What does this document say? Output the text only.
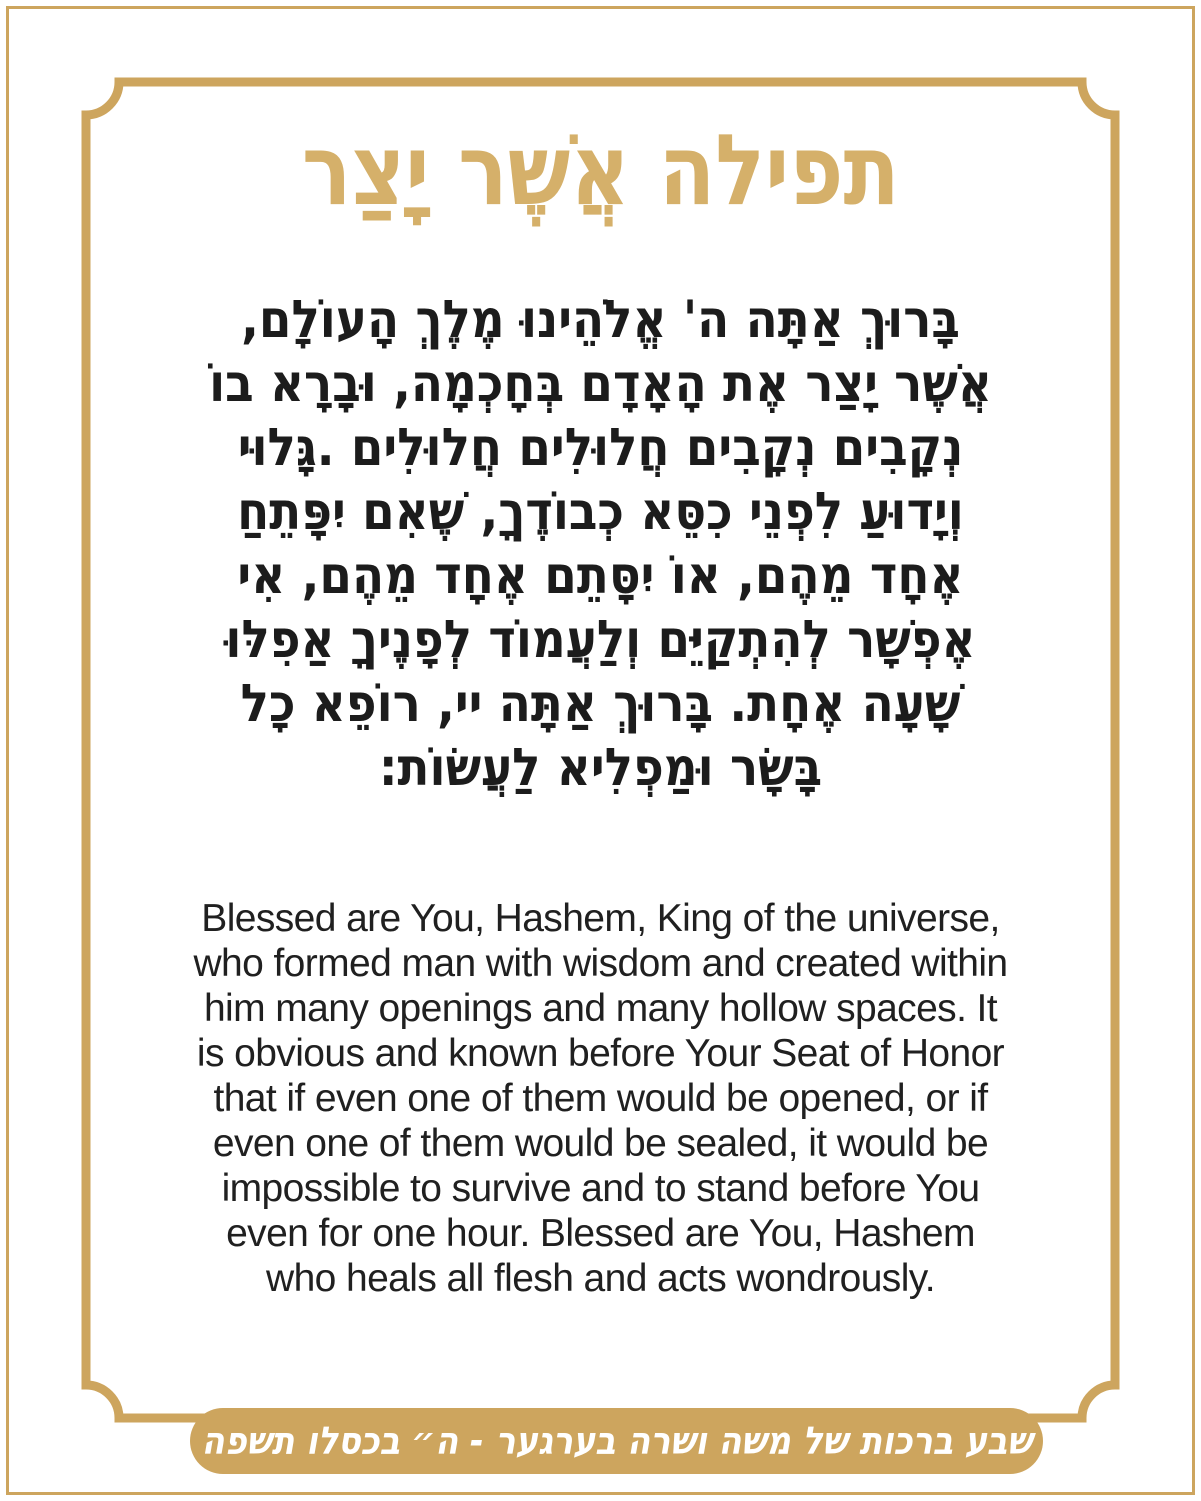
תפילה אֲשֶׁר יָצַר
בָּרוּךְ אַתָּה ה' אֱלֹהֵינוּ מֶלֶךְ הָעוֹלָם,
אֲשֶׁר יָצַר אֶת הָאָדָם בְּחָכְמָה, וּבָרָא בוֹ
נְקָבִים נְקָבִים חֲלוּלִים חֲלוּלִים .גָּלוּי
וְיָדוּעַ לִפְנֵי כִסֵּא כְבוֹדֶךָ, שֶׁאִם יִפָּתֵחַ
אֶחָד מֵהֶם, אוֹ יִסָּתֵם אֶחָד מֵהֶם, אִי
אֶפְשָׁר לְהִתְקַיֵּם וְלַעֲמוֹד לְפָנֶיךָ אַפִלּוּ
שָׁעָה אֶחָת. בָּרוּךְ אַתָּה יי, רוֹפֵא כָל
בָּשָׂר וּמַפְלִיא לַעֲשׂוֹת:
Blessed are You, Hashem, King of the universe,
who formed man with wisdom and created within
him many openings and many hollow spaces. It
is obvious and known before Your Seat of Honor
that if even one of them would be opened, or if
even one of them would be sealed, it would be
impossible to survive and to stand before You
even for one hour. Blessed are You, Hashem
who heals all flesh and acts wondrously.
שבע ברכות של משה ושרה בערגער - ה״ בכסלו תשפה
